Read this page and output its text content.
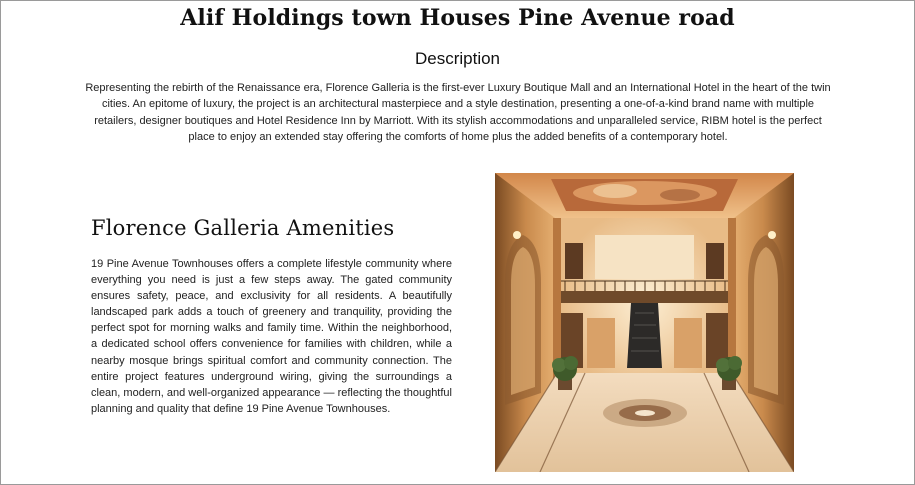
Alif Holdings town Houses Pine Avenue road
Description

Representing the rebirth of the Renaissance era, Florence Galleria is the first-ever Luxury Boutique Mall and an International Hotel in the heart of the twin cities. An epitome of luxury, the project is an architectural masterpiece and a style destination, presenting a one-of-a-kind brand name with multiple retailers, designer boutiques and Hotel Residence Inn by Marriott. With its stylish accommodations and unparalleled service, RIBM hotel is the perfect place to enjoy an extended stay offering the comforts of home plus the added benefits of a contemporary hotel.

Florence Galleria Amenities

19 Pine Avenue Townhouses offers a complete lifestyle community where everything you need is just a few steps away. The gated community ensures safety, peace, and exclusivity for all residents. A beautifully landscaped park adds a touch of greenery and tranquility, providing the perfect spot for morning walks and family time. Within the neighborhood, a dedicated school offers convenience for families with children, while a nearby mosque brings spiritual comfort and community connection. The entire project features underground wiring, giving the surroundings a clean, modern, and well-organized appearance — reflecting the thoughtful planning and quality that define 19 Pine Avenue Townhouses.
